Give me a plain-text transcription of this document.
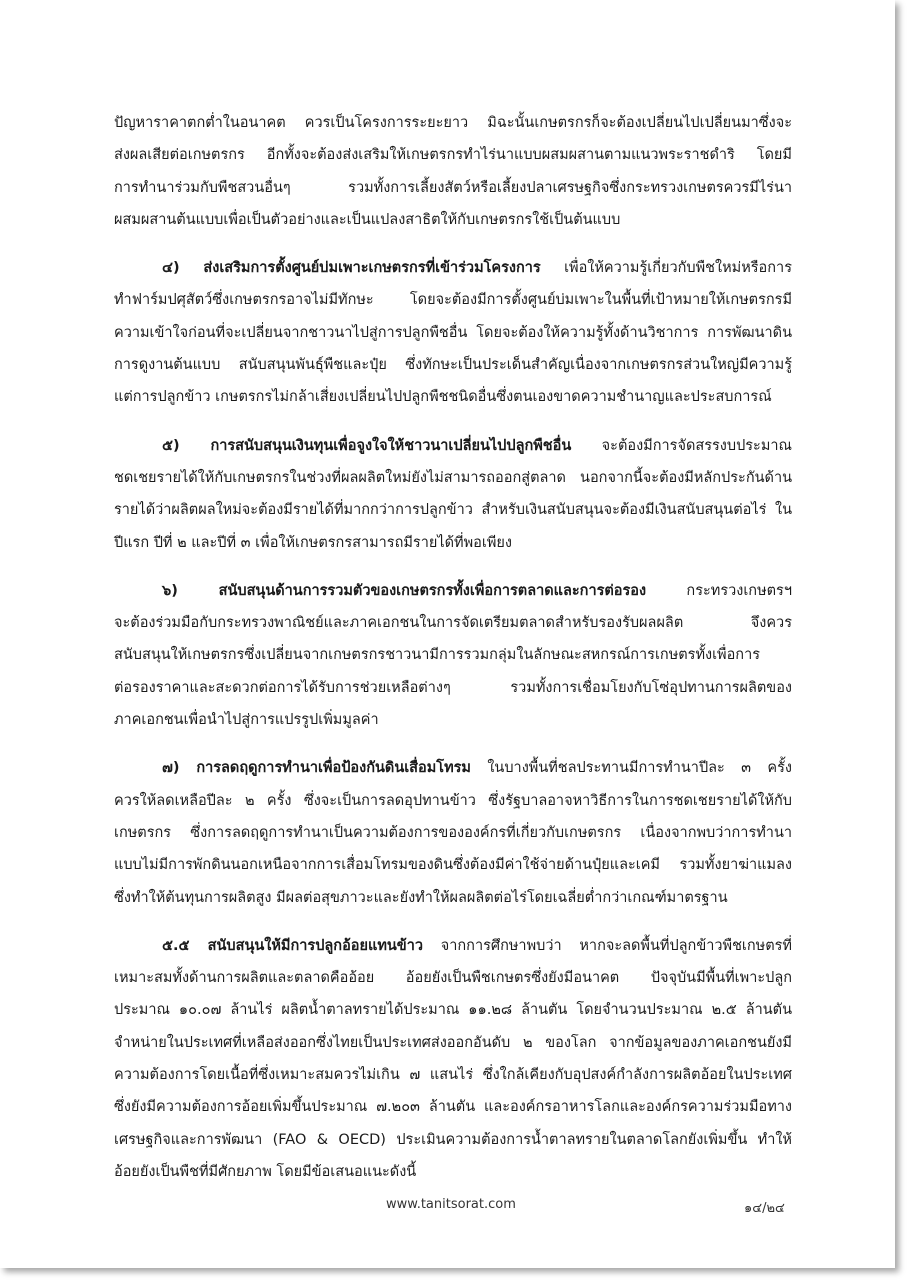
ปัญหาราคาตกต่ำในอนาคต ควรเป็นโครงการระยะยาว มิฉะนั้นเกษตรกรก็จะต้องเปลี่ยนไปเปลี่ยนมาซึ่งจะ
ส่งผลเสียต่อเกษตรกร อีกทั้งจะต้องส่งเสริมให้เกษตรกรทำไร่นาแบบผสมผสานตามแนวพระราชดำริ โดยมี
การทำนาร่วมกับพืชสวนอื่นๆ รวมทั้งการเลี้ยงสัตว์หรือเลี้ยงปลาเศรษฐกิจซึ่งกระทรวงเกษตรควรมีไร่นา
ผสมผสานต้นแบบเพื่อเป็นตัวอย่างและเป็นแปลงสาธิตให้กับเกษตรกรใช้เป็นต้นแบบ
๔) ส่งเสริมการตั้งศูนย์บ่มเพาะเกษตรกรที่เข้าร่วมโครงการ เพื่อให้ความรู้เกี่ยวกับพืชใหม่หรือการ
ทำฟาร์มปศุสัตว์ซึ่งเกษตรกรอาจไม่มีทักษะ โดยจะต้องมีการตั้งศูนย์บ่มเพาะในพื้นที่เป้าหมายให้เกษตรกรมี
ความเข้าใจก่อนที่จะเปลี่ยนจากชาวนาไปสู่การปลูกพืชอื่น โดยจะต้องให้ความรู้ทั้งด้านวิชาการ การพัฒนาดิน
การดูงานต้นแบบ สนับสนุนพันธุ์พืชและปุ๋ย ซึ่งทักษะเป็นประเด็นสำคัญเนื่องจากเกษตรกรส่วนใหญ่มีความรู้
แต่การปลูกข้าว เกษตรกรไม่กล้าเสี่ยงเปลี่ยนไปปลูกพืชชนิดอื่นซึ่งตนเองขาดความชำนาญและประสบการณ์
๕) การสนับสนุนเงินทุนเพื่อจูงใจให้ชาวนาเปลี่ยนไปปลูกพืชอื่น จะต้องมีการจัดสรรงบประมาณ
ชดเชยรายได้ให้กับเกษตรกรในช่วงที่ผลผลิตใหม่ยังไม่สามารถออกสู่ตลาด นอกจากนี้จะต้องมีหลักประกันด้าน
รายได้ว่าผลิตผลใหม่จะต้องมีรายได้ที่มากกว่าการปลูกข้าว สำหรับเงินสนับสนุนจะต้องมีเงินสนับสนุนต่อไร่ ใน
ปีแรก ปีที่ ๒ และปีที่ ๓ เพื่อให้เกษตรกรสามารถมีรายได้ที่พอเพียง
๖) สนับสนุนด้านการรวมตัวของเกษตรกรทั้งเพื่อการตลาดและการต่อรอง กระทรวงเกษตรฯ
จะต้องร่วมมือกับกระทรวงพาณิชย์และภาคเอกชนในการจัดเตรียมตลาดสำหรับรองรับผลผลิต จึงควร
สนับสนุนให้เกษตรกรซึ่งเปลี่ยนจากเกษตรกรชาวนามีการรวมกลุ่มในลักษณะสหกรณ์การเกษตรทั้งเพื่อการ
ต่อรองราคาและสะดวกต่อการได้รับการช่วยเหลือต่างๆ รวมทั้งการเชื่อมโยงกับโซ่อุปทานการผลิตของ
ภาคเอกชนเพื่อนำไปสู่การแปรรูปเพิ่มมูลค่า
๗) การลดฤดูการทำนาเพื่อป้องกันดินเสื่อมโทรม ในบางพื้นที่ชลประทานมีการทำนาปีละ ๓ ครั้ง
ควรให้ลดเหลือปีละ ๒ ครั้ง ซึ่งจะเป็นการลดอุปทานข้าว ซึ่งรัฐบาลอาจหาวิธีการในการชดเชยรายได้ให้กับ
เกษตรกร ซึ่งการลดฤดูการทำนาเป็นความต้องการขององค์กรที่เกี่ยวกับเกษตรกร เนื่องจากพบว่าการทำนา
แบบไม่มีการพักดินนอกเหนือจากการเสื่อมโทรมของดินซึ่งต้องมีค่าใช้จ่ายด้านปุ๋ยและเคมี รวมทั้งยาฆ่าแมลง
ซึ่งทำให้ต้นทุนการผลิตสูง มีผลต่อสุขภาวะและยังทำให้ผลผลิตต่อไร่โดยเฉลี่ยต่ำกว่าเกณฑ์มาตรฐาน
๕.๕ สนับสนุนให้มีการปลูกอ้อยแทนข้าว จากการศึกษาพบว่า หากจะลดพื้นที่ปลูกข้าวพืชเกษตรที่
เหมาะสมทั้งด้านการผลิตและตลาดคืออ้อย อ้อยยังเป็นพืชเกษตรซึ่งยังมีอนาคต ปัจจุบันมีพื้นที่เพาะปลูก
ประมาณ ๑๐.๐๗ ล้านไร่ ผลิตน้ำตาลทรายได้ประมาณ ๑๑.๒๘ ล้านตัน โดยจำนวนประมาณ ๒.๕ ล้านตัน
จำหน่ายในประเทศที่เหลือส่งออกซึ่งไทยเป็นประเทศส่งออกอันดับ ๒ ของโลก จากข้อมูลของภาคเอกชนยังมี
ความต้องการโดยเนื้อที่ซึ่งเหมาะสมควรไม่เกิน ๗ แสนไร่ ซึ่งใกล้เคียงกับอุปสงค์กำลังการผลิตอ้อยในประเทศ
ซึ่งยังมีความต้องการอ้อยเพิ่มขึ้นประมาณ ๗.๒๐๓ ล้านตัน และองค์กรอาหารโลกและองค์กรความร่วมมือทาง
เศรษฐกิจและการพัฒนา (FAO & OECD) ประเมินความต้องการน้ำตาลทรายในตลาดโลกยังเพิ่มขึ้น ทำให้
อ้อยยังเป็นพืชที่มีศักยภาพ โดยมีข้อเสนอแนะดังนี้
www.tanitsorat.com	๑๔/๒๔
